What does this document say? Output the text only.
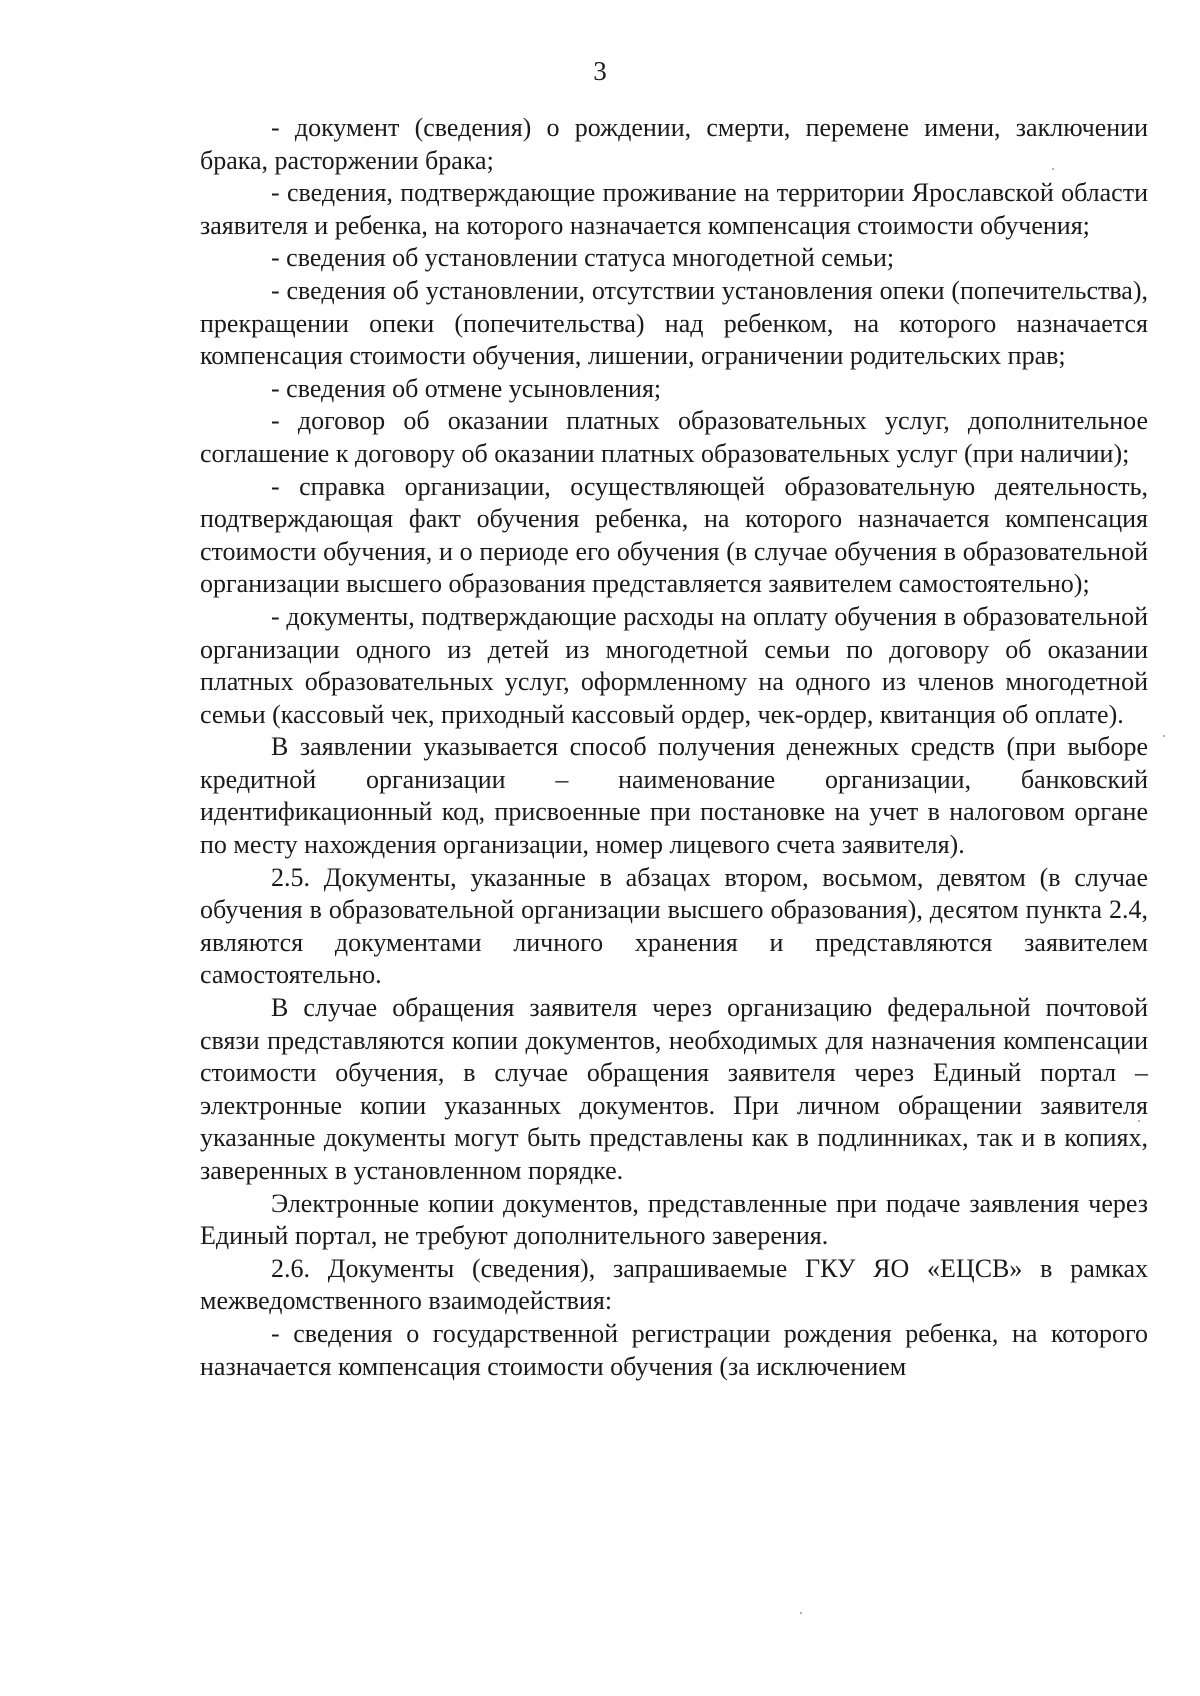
3

- документ (сведения) о рождении, смерти, перемене имени, заключении брака, расторжении брака;

- сведения, подтверждающие проживание на территории Ярославской области заявителя и ребенка, на которого назначается компенсация стоимости обучения;

- сведения об установлении статуса многодетной семьи;

- сведения об установлении, отсутствии установления опеки (попечительства), прекращении опеки (попечительства) над ребенком, на которого назначается компенсация стоимости обучения, лишении, ограничении родительских прав;

- сведения об отмене усыновления;

- договор об оказании платных образовательных услуг, дополнительное соглашение к договору об оказании платных образовательных услуг (при наличии);

- справка организации, осуществляющей образовательную деятельность, подтверждающая факт обучения ребенка, на которого назначается компенсация стоимости обучения, и о периоде его обучения (в случае обучения в образовательной организации высшего образования представляется заявителем самостоятельно);

- документы, подтверждающие расходы на оплату обучения в образовательной организации одного из детей из многодетной семьи по договору об оказании платных образовательных услуг, оформленному на одного из членов многодетной семьи (кассовый чек, приходный кассовый ордер, чек-ордер, квитанция об оплате).

В заявлении указывается способ получения денежных средств (при выборе кредитной организации – наименование организации, банковский идентификационный код, присвоенные при постановке на учет в налоговом органе по месту нахождения организации, номер лицевого счета заявителя).

2.5. Документы, указанные в абзацах втором, восьмом, девятом (в случае обучения в образовательной организации высшего образования), десятом пункта 2.4, являются документами личного хранения и представляются заявителем самостоятельно.

В случае обращения заявителя через организацию федеральной почтовой связи представляются копии документов, необходимых для назначения компенсации стоимости обучения, в случае обращения заявителя через Единый портал – электронные копии указанных документов. При личном обращении заявителя указанные документы могут быть представлены как в подлинниках, так и в копиях, заверенных в установленном порядке.

Электронные копии документов, представленные при подаче заявления через Единый портал, не требуют дополнительного заверения.

2.6. Документы (сведения), запрашиваемые ГКУ ЯО «ЕЦСВ» в рамках межведомственного взаимодействия:

- сведения о государственной регистрации рождения ребенка, на которого назначается компенсация стоимости обучения (за исключением
